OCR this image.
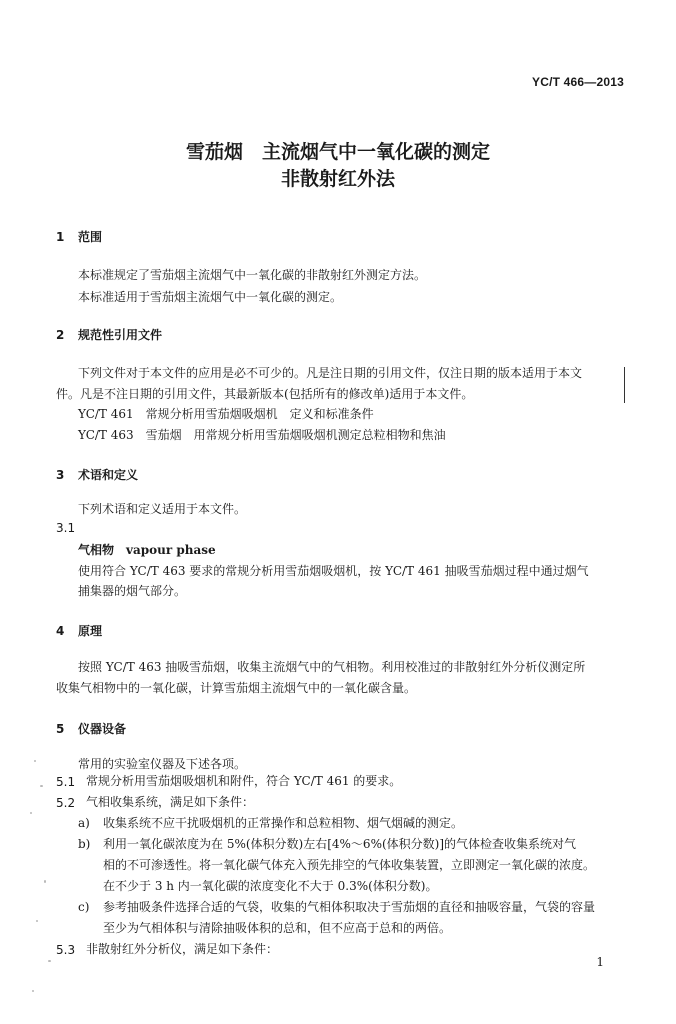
YC/T 466—2013
雪茄烟　主流烟气中一氧化碳的测定
非散射红外法
1 范围
本标准规定了雪茄烟主流烟气中一氧化碳的非散射红外测定方法。
本标准适用于雪茄烟主流烟气中一氧化碳的测定。
2 规范性引用文件
下列文件对于本文件的应用是必不可少的。凡是注日期的引用文件，仅注日期的版本适用于本文
件。凡是不注日期的引用文件，其最新版本(包括所有的修改单)适用于本文件。
YC/T 461　常规分析用雪茄烟吸烟机　定义和标准条件
YC/T 463　雪茄烟　用常规分析用雪茄烟吸烟机测定总粒相物和焦油
3 术语和定义
下列术语和定义适用于本文件。
3.1
气相物　vapour phase
使用符合 YC/T 463 要求的常规分析用雪茄烟吸烟机，按 YC/T 461 抽吸雪茄烟过程中通过烟气
捕集器的烟气部分。
4 原理
按照 YC/T 463 抽吸雪茄烟，收集主流烟气中的气相物。利用校准过的非散射红外分析仪测定所
收集气相物中的一氧化碳，计算雪茄烟主流烟气中的一氧化碳含量。
5 仪器设备
常用的实验室仪器及下述各项。
5.1 常规分析用雪茄烟吸烟机和附件，符合 YC/T 461 的要求。
5.2 气相收集系统，满足如下条件：
a) 收集系统不应干扰吸烟机的正常操作和总粒相物、烟气烟碱的测定。
b) 利用一氧化碳浓度为在 5%(体积分数)左右[4%～6%(体积分数)]的气体检查收集系统对气
相的不可渗透性。将一氧化碳气体充入预先排空的气体收集装置，立即测定一氧化碳的浓度。
在不少于 3 h 内一氧化碳的浓度变化不大于 0.3%(体积分数)。
c) 参考抽吸条件选择合适的气袋，收集的气相体积取决于雪茄烟的直径和抽吸容量，气袋的容量
至少为气相体积与清除抽吸体积的总和，但不应高于总和的两倍。
5.3 非散射红外分析仪，满足如下条件：
1
